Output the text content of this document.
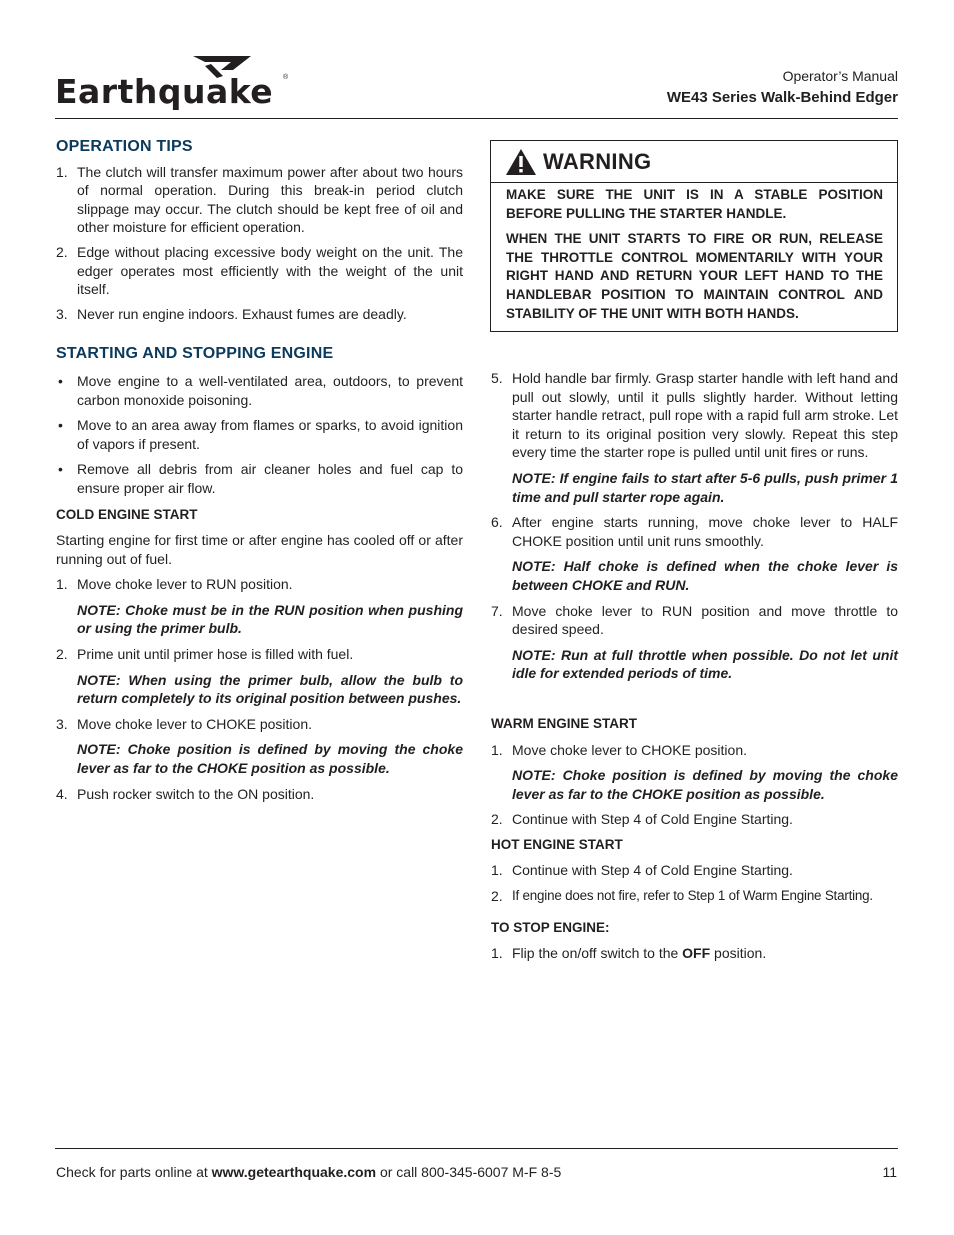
Earthquake ®	Operator’s Manual
WE43 Series Walk-Behind Edger
OPERATION TIPS
1. The clutch will transfer maximum power after about two hours of normal operation. During this break-in period clutch slippage may occur. The clutch should be kept free of oil and other moisture for efficient operation.
2. Edge without placing excessive body weight on the unit. The edger operates most efficiently with the weight of the unit itself.
3. Never run engine indoors. Exhaust fumes are deadly.
STARTING AND STOPPING ENGINE
•	Move engine to a well-ventilated area, outdoors, to prevent carbon monoxide poisoning.
•	Move to an area away from flames or sparks, to avoid ignition of vapors if present.
•	Remove all debris from air cleaner holes and fuel cap to ensure proper air flow.
COLD ENGINE START

Starting engine for first time or after engine has cooled off or after running out of fuel.

1. Move choke lever to RUN position.

NOTE: Choke must be in the RUN position when pushing or using the primer bulb.

2. Prime unit until primer hose is filled with fuel.

NOTE: When using the primer bulb, allow the bulb to return completely to its original position between pushes.

3. Move choke lever to CHOKE position.

NOTE: Choke position is defined by moving the choke lever as far to the CHOKE position as possible.

4. Push rocker switch to the ON position.
WARNING

MAKE SURE THE UNIT IS IN A STABLE POSITION BEFORE PULLING THE STARTER HANDLE.

WHEN THE UNIT STARTS TO FIRE OR RUN, RELEASE THE THROTTLE CONTROL MOMENTARILY WITH YOUR RIGHT HAND AND RETURN YOUR LEFT HAND TO THE HANDLEBAR POSITION TO MAINTAIN CONTROL AND STABILITY OF THE UNIT WITH BOTH HANDS.

5. Hold handle bar firmly. Grasp starter handle with left hand and pull out slowly, until it pulls slightly harder. Without letting starter handle retract, pull rope with a rapid full arm stroke. Let it return to its original position very slowly. Repeat this step every time the starter rope is pulled until unit fires or runs.

NOTE: If engine fails to start after 5-6 pulls, push primer 1 time and pull starter rope again.

6. After engine starts running, move choke lever to HALF CHOKE position until unit runs smoothly.

NOTE: Half choke is defined when the choke lever is between CHOKE and RUN.

7. Move choke lever to RUN position and move throttle to desired speed.

NOTE: Run at full throttle when possible. Do not let unit idle for extended periods of time.

WARM ENGINE START
1. Move choke lever to CHOKE position.

NOTE: Choke position is defined by moving the choke lever as far to the CHOKE position as possible.

2. Continue with Step 4 of Cold Engine Starting.
HOT ENGINE START
1. Continue with Step 4 of Cold Engine Starting.
2. If engine does not fire, refer to Step 1 of Warm Engine Starting.
TO STOP ENGINE:
1. Flip the on/off switch to the OFF position.
Check for parts online at www.getearthquake.com or call 800-345-6007 M-F 8-5	11
